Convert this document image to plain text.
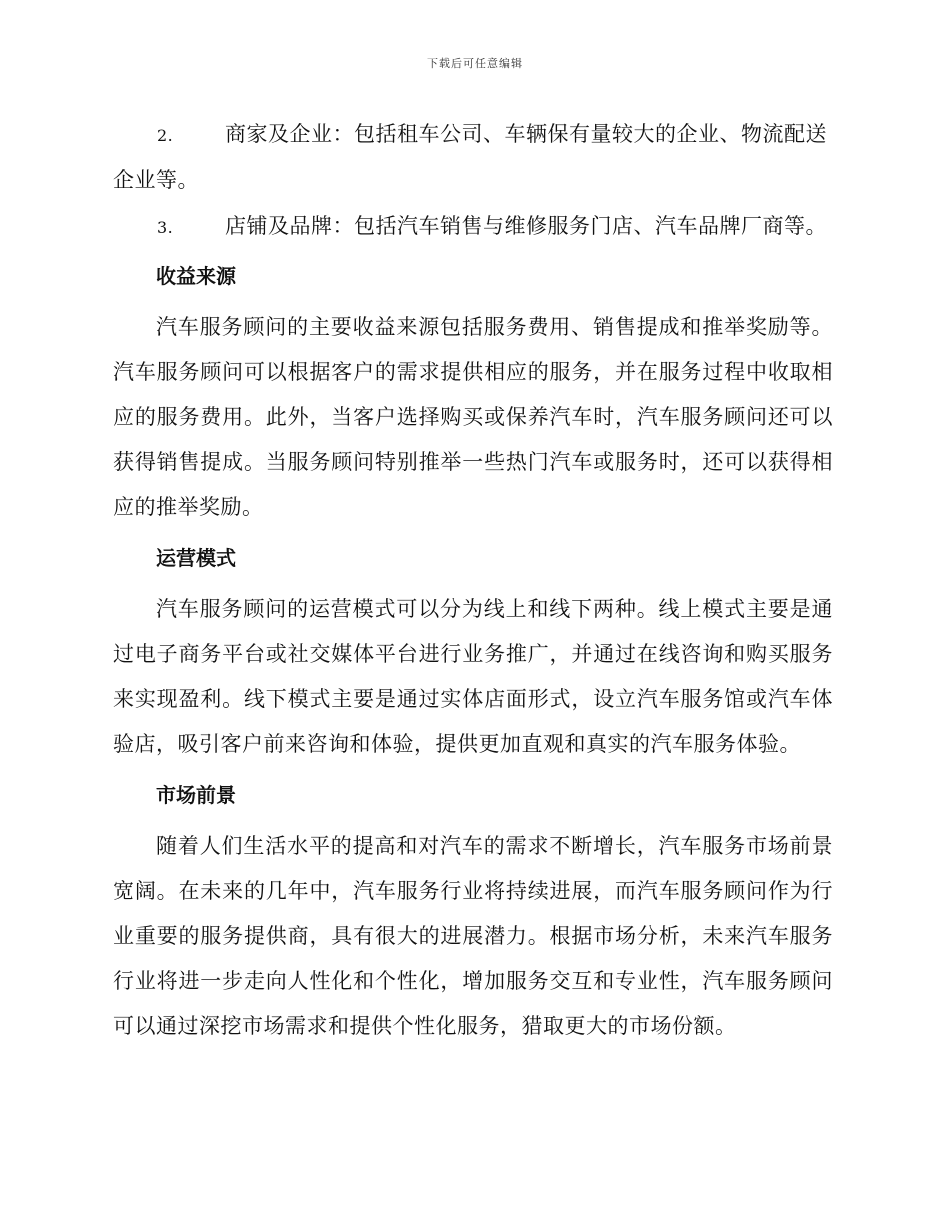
下载后可任意编辑
2. 商家及企业：包括租车公司、车辆保有量较大的企业、物流配送企业等。
3. 店铺及品牌：包括汽车销售与维修服务门店、汽车品牌厂商等。
收益来源

汽车服务顾问的主要收益来源包括服务费用、销售提成和推举奖励等。汽车服务顾问可以根据客户的需求提供相应的服务，并在服务过程中收取相应的服务费用。此外，当客户选择购买或保养汽车时，汽车服务顾问还可以获得销售提成。当服务顾问特别推举一些热门汽车或服务时，还可以获得相应的推举奖励。

运营模式

汽车服务顾问的运营模式可以分为线上和线下两种。线上模式主要是通过电子商务平台或社交媒体平台进行业务推广，并通过在线咨询和购买服务来实现盈利。线下模式主要是通过实体店面形式，设立汽车服务馆或汽车体验店，吸引客户前来咨询和体验，提供更加直观和真实的汽车服务体验。

市场前景

随着人们生活水平的提高和对汽车的需求不断增长，汽车服务市场前景宽阔。在未来的几年中，汽车服务行业将持续进展，而汽车服务顾问作为行业重要的服务提供商，具有很大的进展潜力。根据市场分析，未来汽车服务行业将进一步走向人性化和个性化，增加服务交互和专业性，汽车服务顾问可以通过深挖市场需求和提供个性化服务，猎取更大的市场份额。
